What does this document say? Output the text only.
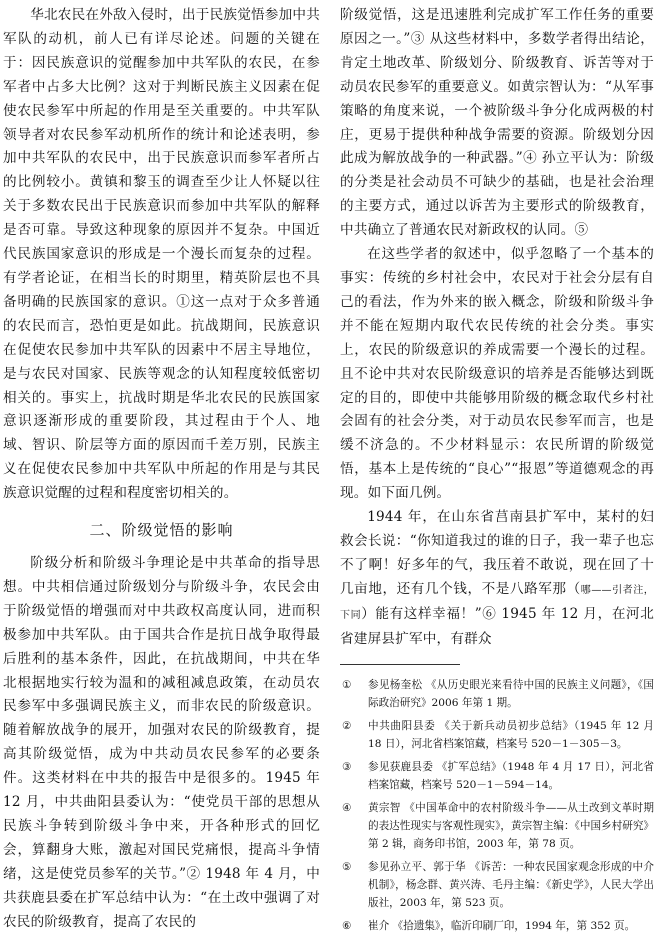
华北农民在外敌入侵时，出于民族觉悟参加中共军队的动机，前人已有详尽论述。问题的关键在于：因民族意识的觉醒参加中共军队的农民，在参军者中占多大比例？这对于判断民族主义因素在促使农民参军中所起的作用是至关重要的。中共军队领导者对农民参军动机所作的统计和论述表明，参加中共军队的农民中，出于民族意识而参军者所占的比例较小。黄镇和黎玉的调查至少让人怀疑以往关于多数农民出于民族意识而参加中共军队的解释是否可靠。导致这种现象的原因并不复杂。中国近代民族国家意识的形成是一个漫长而复杂的过程。有学者论证，在相当长的时期里，精英阶层也不具备明确的民族国家的意识。①这一点对于众多普通的农民而言，恐怕更是如此。抗战期间，民族意识在促使农民参加中共军队的因素中不居主导地位，是与农民对国家、民族等观念的认知程度较低密切相关的。事实上，抗战时期是华北农民的民族国家意识逐渐形成的重要阶段，其过程由于个人、地域、智识、阶层等方面的原因而千差万别，民族主义在促使农民参加中共军队中所起的作用是与其民族意识觉醒的过程和程度密切相关的。

二、阶级觉悟的影响

阶级分析和阶级斗争理论是中共革命的指导思想。中共相信通过阶级划分与阶级斗争，农民会由于阶级觉悟的增强而对中共政权高度认同，进而积极参加中共军队。由于国共合作是抗日战争取得最后胜利的基本条件，因此，在抗战期间，中共在华北根据地实行较为温和的减租减息政策，在动员农民参军中多强调民族主义，而非农民的阶级意识。随着解放战争的展开，加强对农民的阶级教育，提高其阶级觉悟，成为中共动员农民参军的必要条件。这类材料在中共的报告中是很多的。1945 年 12 月，中共曲阳县委认为：“使党员干部的思想从民族斗争转到阶级斗争中来，开各种形式的回忆会，算翻身大账，激起对国民党痛恨，提高斗争情绪，这是使党员参军的关节。”② 1948 年 4 月，中共获鹿县委在扩军总结中认为：“在土改中强调了对农民的阶级教育，提高了农民的

阶级觉悟，这是迅速胜利完成扩军工作任务的重要原因之一。”③ 从这些材料中，多数学者得出结论，肯定土地改革、阶级划分、阶级教育、诉苦等对于动员农民参军的重要意义。如黄宗智认为：“从军事策略的角度来说，一个被阶级斗争分化成两极的村庄，更易于提供种种战争需要的资源。阶级划分因此成为解放战争的一种武器。”④ 孙立平认为：阶级的分类是社会动员不可缺少的基础，也是社会治理的主要方式，通过以诉苦为主要形式的阶级教育，中共确立了普通农民对新政权的认同。⑤

在这些学者的叙述中，似乎忽略了一个基本的事实：传统的乡村社会中，农民对于社会分层有自己的看法，作为外来的嵌入概念，阶级和阶级斗争并不能在短期内取代农民传统的社会分类。事实上，农民的阶级意识的养成需要一个漫长的过程。且不论中共对农民阶级意识的培养是否能够达到既定的目的，即使中共能够用阶级的概念取代乡村社会固有的社会分类，对于动员农民参军而言，也是缓不济急的。不少材料显示：农民所谓的阶级觉悟，基本上是传统的“良心”“报恩”等道德观念的再现。如下面几例。

1944 年，在山东省莒南县扩军中，某村的妇救会长说：“你知道我过的谁的日子，我一辈子也忘不了啊！好多年的气，我压着不敢说，现在回了十几亩地，还有几个钱，不是八路军那（哪——引者注，下同）能有这样幸福！”⑥ 1945 年 12 月，在河北省建屏县扩军中，有群众

①	参见杨奎松 《从历史眼光来看待中国的民族主义问题》，《国际政治研究》2006 年第 1 期。
②	中共曲阳县委 《关于新兵动员初步总结》（1945 年 12 月 18 日），河北省档案馆藏，档案号 520－1－305－3。
③	参见获鹿县委 《扩军总结》（1948 年 4 月 17 日），河北省档案馆藏，档案号 520－1－594－14。
④	黄宗智 《中国革命中的农村阶级斗争——从土改到文革时期的表达性现实与客观性现实》，黄宗智主编：《中国乡村研究》第 2 辑，商务印书馆，2003 年，第 78 页。
⑤	参见孙立平、郭于华 《诉苦：一种农民国家观念形成的中介机制》，杨念群、黄兴涛、毛丹主编：《新史学》，人民大学出版社，2003 年，第 523 页。
⑥	崔介 《拾遗集》，临沂印刷厂印，1994 年，第 352 页。
